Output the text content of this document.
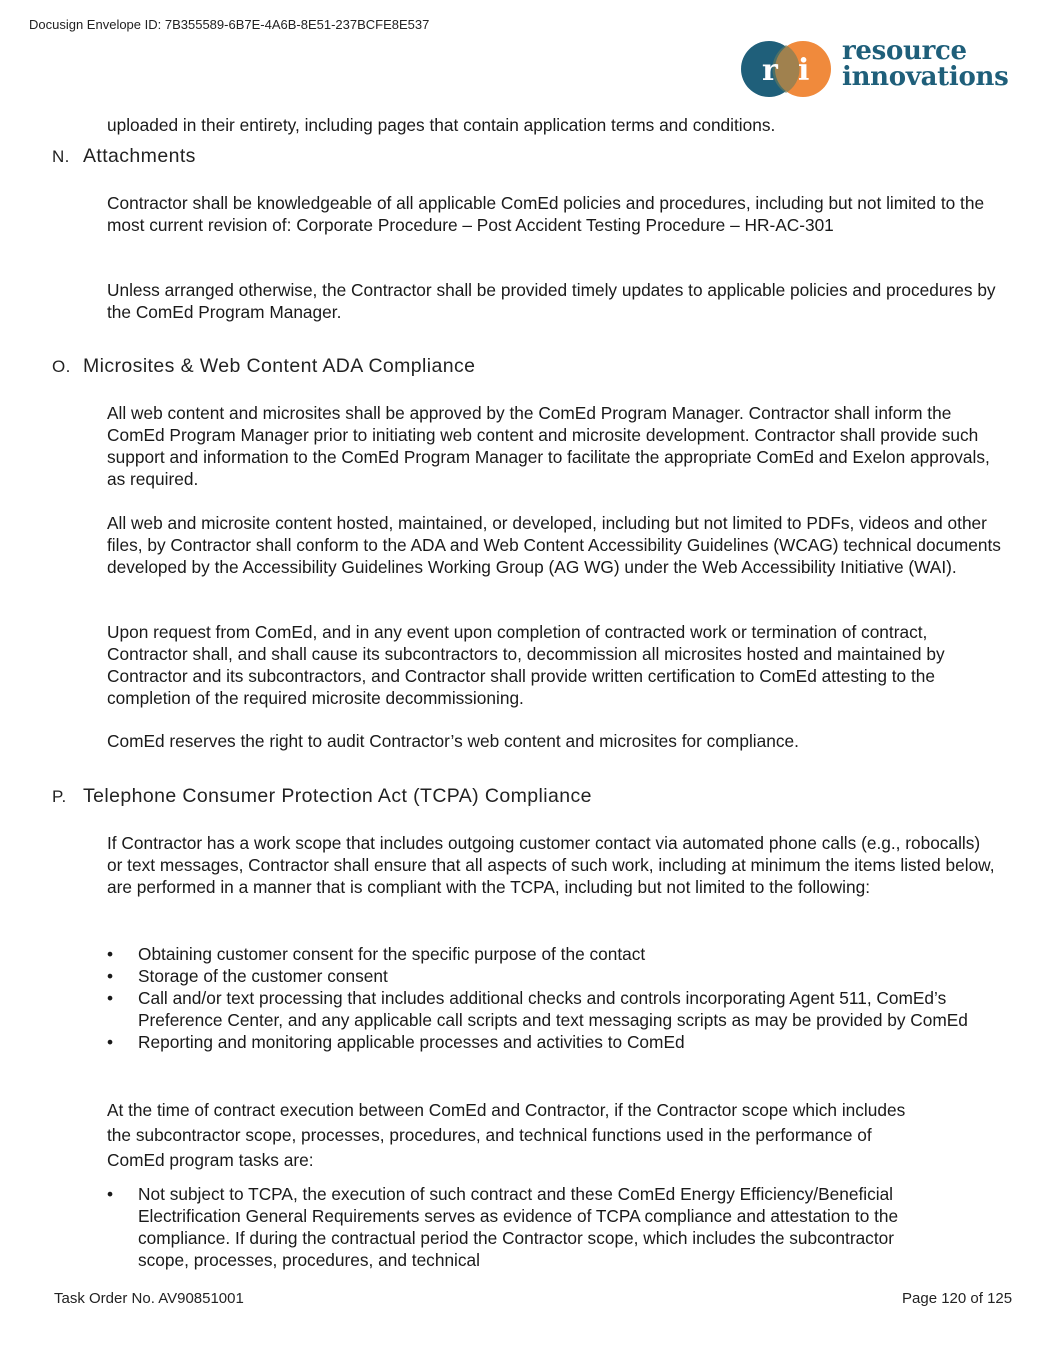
Docusign Envelope ID: 7B355589-6B7E-4A6B-8E51-237BCFE8E537
r i
resource
innovations

uploaded in their entirety, including pages that contain application terms and conditions.

N. Attachments

Contractor shall be knowledgeable of all applicable ComEd policies and procedures, including but not limited to the most current revision of: Corporate Procedure – Post Accident Testing Procedure – HR-AC-301

Unless arranged otherwise, the Contractor shall be provided timely updates to applicable policies and procedures by the ComEd Program Manager.

O. Microsites & Web Content ADA Compliance

All web content and microsites shall be approved by the ComEd Program Manager. Contractor shall inform the ComEd Program Manager prior to initiating web content and microsite development. Contractor shall provide such support and information to the ComEd Program Manager to facilitate the appropriate ComEd and Exelon approvals, as required.

All web and microsite content hosted, maintained, or developed, including but not limited to PDFs, videos and other files, by Contractor shall conform to the ADA and Web Content Accessibility Guidelines (WCAG) technical documents developed by the Accessibility Guidelines Working Group (AG WG) under the Web Accessibility Initiative (WAI).

Upon request from ComEd, and in any event upon completion of contracted work or termination of contract, Contractor shall, and shall cause its subcontractors to, decommission all microsites hosted and maintained by Contractor and its subcontractors, and Contractor shall provide written certification to ComEd attesting to the completion of the required microsite decommissioning.

ComEd reserves the right to audit Contractor’s web content and microsites for compliance.

P. Telephone Consumer Protection Act (TCPA) Compliance

If Contractor has a work scope that includes outgoing customer contact via automated phone calls (e.g., robocalls) or text messages, Contractor shall ensure that all aspects of such work, including at minimum the items listed below, are performed in a manner that is compliant with the TCPA, including but not limited to the following:

• Obtaining customer consent for the specific purpose of the contact
• Storage of the customer consent
• Call and/or text processing that includes additional checks and controls incorporating Agent 511, ComEd’s Preference Center, and any applicable call scripts and text messaging scripts as may be provided by ComEd
• Reporting and monitoring applicable processes and activities to ComEd

At the time of contract execution between ComEd and Contractor, if the Contractor scope which includes the subcontractor scope, processes, procedures, and technical functions used in the performance of ComEd program tasks are:

• Not subject to TCPA, the execution of such contract and these ComEd Energy Efficiency/Beneficial Electrification General Requirements serves as evidence of TCPA compliance and attestation to the compliance. If during the contractual period the Contractor scope, which includes the subcontractor scope, processes, procedures, and technical
Task Order No. AV90851001	Page 120 of 125
